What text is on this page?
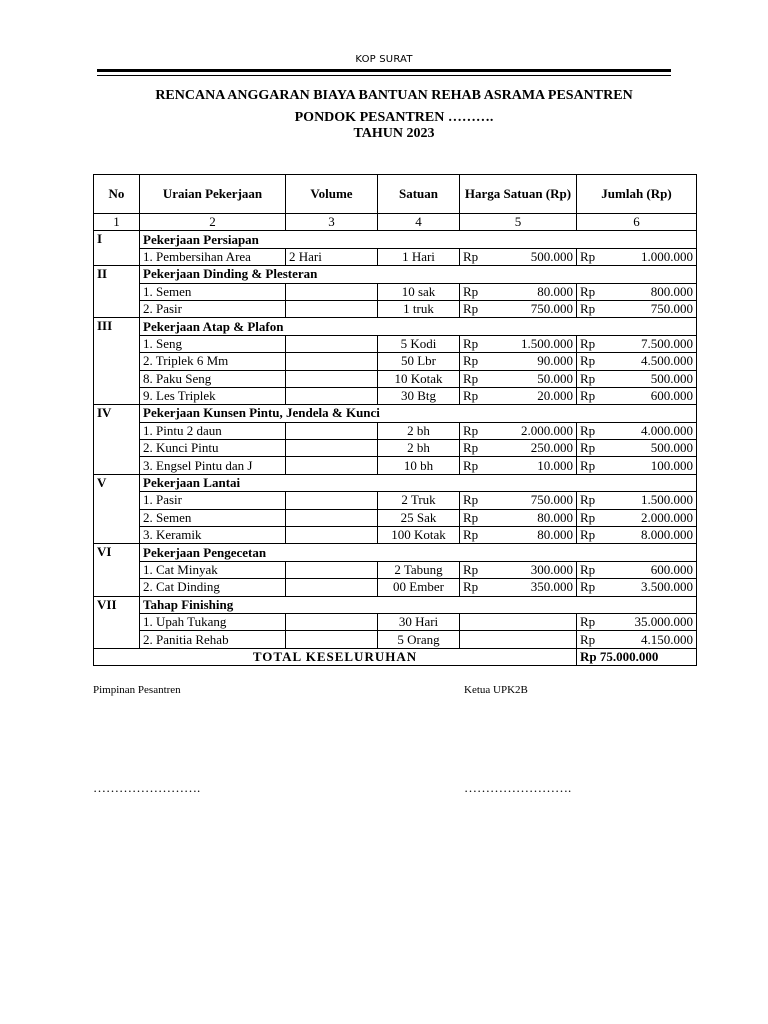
KOP SURAT
RENCANA ANGGARAN BIAYA BANTUAN REHAB ASRAMA PESANTREN
PONDOK PESANTREN ……….
TAHUN 2023
No	Uraian Pekerjaan	Volume	Satuan	Harga Satuan (Rp)	Jumlah (Rp)
1	2	3	4	5	6
I	Pekerjaan Persiapan				
	1. Pembersihan Area	2 Hari	1 Hari	Rp 500.000	Rp 1.000.000

II	Pekerjaan Dinding & Plesteran				
	1. Semen		10 sak	Rp 80.000	Rp 800.000

	2. Pasir		1 truk	Rp 750.000	Rp 750.000

III	Pekerjaan Atap & Plafon				
	1. Seng		5 Kodi	Rp 1.500.000	Rp 7.500.000

	2. Triplek 6 Mm		50 Lbr	Rp 90.000	Rp 4.500.000

	8. Paku Seng		10 Kotak	Rp 50.000	Rp 500.000

	9. Les Triplek		30 Btg	Rp 20.000	Rp 600.000

IV	Pekerjaan Kunsen Pintu, Jendela & Kunci				
	1. Pintu 2 daun		2 bh	Rp 2.000.000	Rp 4.000.000

	2. Kunci Pintu		2 bh	Rp 250.000	Rp 500.000

	3. Engsel Pintu dan J		10 bh	Rp 10.000	Rp 100.000

V	Pekerjaan Lantai				
	1. Pasir		2 Truk	Rp 750.000	Rp 1.500.000

	2. Semen		25 Sak	Rp 80.000	Rp 2.000.000

	3. Keramik		100 Kotak	Rp 80.000	Rp 8.000.000

VI	Pekerjaan Pengecetan				
	1. Cat Minyak		2 Tabung	Rp 300.000	Rp 600.000

	2. Cat Dinding		00 Ember	Rp 350.000	Rp 3.500.000

VII	Tahap Finishing				
	1. Upah Tukang		30 Hari		Rp 35.000.000

	2. Panitia Rehab		5 Orang		Rp 4.150.000

TOTAL KESELURUHAN					Rp 75.000.000
Pimpinan Pesantren	Ketua UPK2B
…………………….	…………………….
